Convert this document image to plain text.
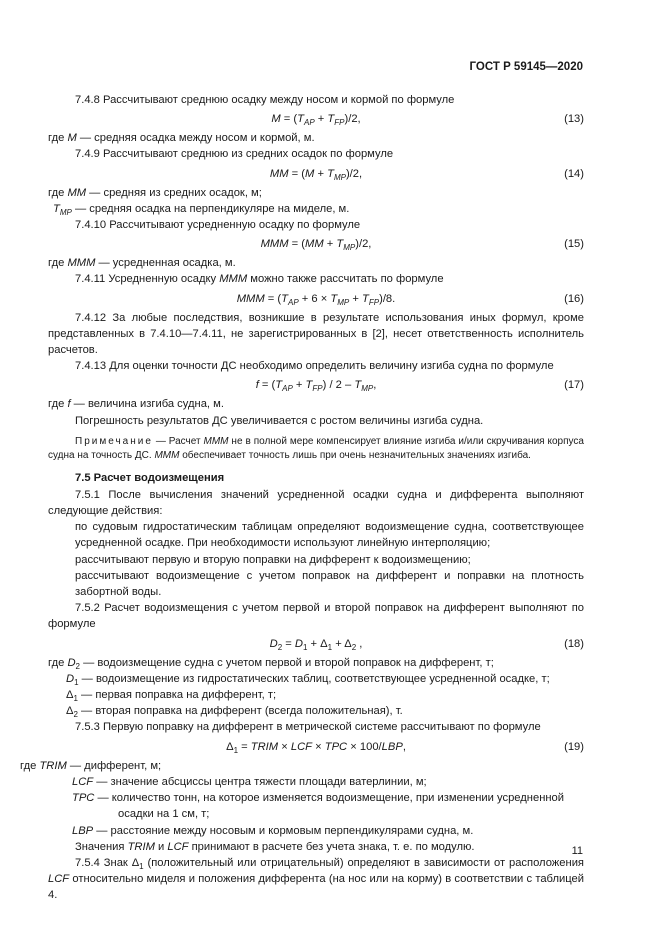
ГОСТ Р 59145—2020

7.4.8 Рассчитывают среднюю осадку между носом и кормой по формуле

$M = (T_{AP} + T_{FP})/2$,	(13)

где M — средняя осадка между носом и кормой, м.

7.4.9 Рассчитывают среднюю из средних осадок по формуле

MM = $(M + T_{MP})/2$,	(14)

где MM — средняя из средних осадок, м;

$T_{MP}$ — средняя осадка на перпендикуляре на миделе, м.

7.4.10 Рассчитывают усредненную осадку по формуле

MMM = $(MM + T_{MP})/2$,	(15)

где MMM — усредненная осадка, м.

7.4.11 Усредненную осадку MMM можно также рассчитать по формуле

MMM = $(T_{AP} + 6 \times T_{MP} + T_{FP})/8$.	(16)

7.4.12 За любые последствия, возникшие в результате использования иных формул, кроме представленных в 7.4.10—7.4.11, не зарегистрированных в [2], несет ответственность исполнитель расчетов.

7.4.13 Для оценки точности ДС необходимо определить величину изгиба судна по формуле

$f = (T_{AP} + T_{FP}) / 2 - T_{MP}$,	(17)

где f — величина изгиба судна, м.

Погрешность результатов ДС увеличивается с ростом величины изгиба судна.

Примечание — Расчет MMM не в полной мере компенсирует влияние изгиба и/или скручивания корпуса судна на точность ДС. MMM обеспечивает точность лишь при очень незначительных значениях изгиба.

7.5 Расчет водоизмещения

7.5.1 После вычисления значений усредненной осадки судна и дифферента выполняют следующие действия:

по судовым гидростатическим таблицам определяют водоизмещение судна, соответствующее усредненной осадке. При необходимости используют линейную интерполяцию;

рассчитывают первую и вторую поправки на дифферент к водоизмещению;

рассчитывают водоизмещение с учетом поправок на дифферент и поправки на плотность забортной воды.

7.5.2 Расчет водоизмещения с учетом первой и второй поправок на дифферент выполняют по формуле

$D_2 = D_1 + \Delta_1 + \Delta_2$ ,	(18)

где $D_2$ — водоизмещение судна с учетом первой и второй поправок на дифферент, т;

$D_1$ — водоизмещение из гидростатических таблиц, соответствующее усредненной осадке, т;

$\Delta_1$ — первая поправка на дифферент, т;

$\Delta_2$ — вторая поправка на дифферент (всегда положительная), т.

7.5.3 Первую поправку на дифферент в метрической системе рассчитывают по формуле

$\Delta_1$ = TRIM × LCF × TPC × 100/LBP,	(19)

где TRIM — дифферент, м;

LCF — значение абсцисcы центра тяжести площади ватерлинии, м;

TPC — количество тонн, на которое изменяется водоизмещение, при изменении усредненной

осадки на 1 см, т;

LBP — расстояние между носовым и кормовым перпендикулярами судна, м.

Значения TRIM и LCF принимают в расчете без учета знака, т. е. по модулю.

7.5.4 Знак $\Delta_1$ (положительный или отрицательный) определяют в зависимости от расположения LCF относительно миделя и положения дифферента (на нос или на корму) в соответствии с таблицей 4.

11
